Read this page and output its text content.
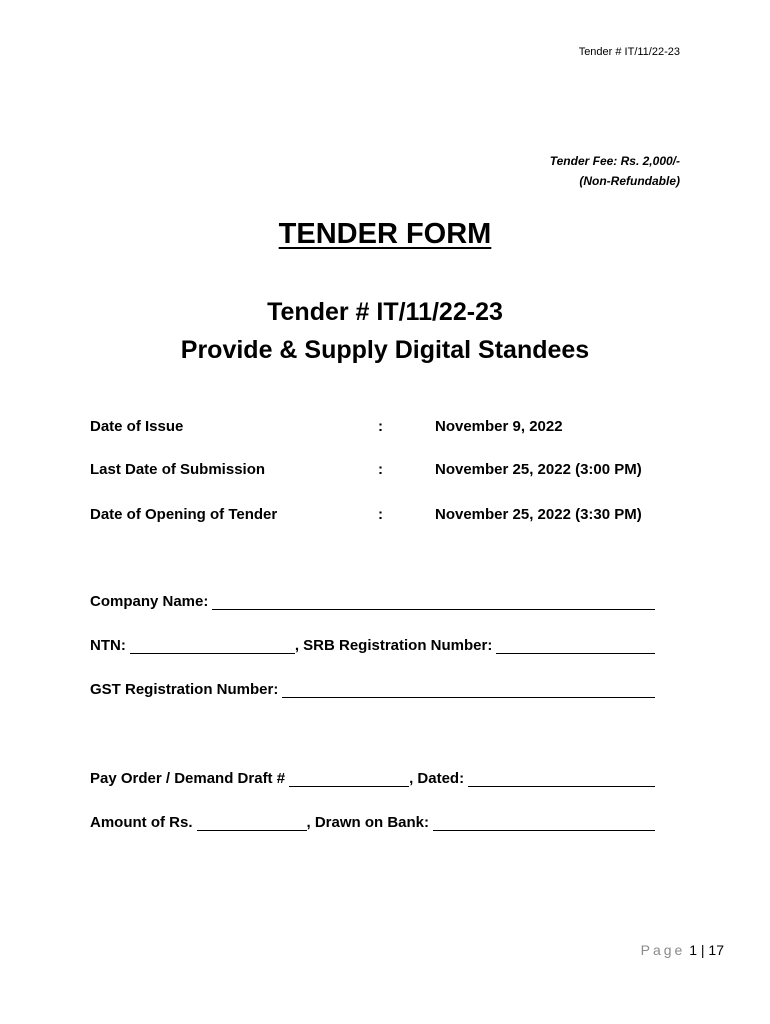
Tender # IT/11/22-23
Tender Fee: Rs. 2,000/-
(Non-Refundable)
TENDER FORM
Tender # IT/11/22-23
Provide & Supply Digital Standees
Date of Issue	:	November 9, 2022
Last Date of Submission	:	November 25, 2022 (3:00 PM)
Date of Opening of Tender	:	November 25, 2022 (3:30 PM)
Company Name:
NTN:	, SRB Registration Number:
GST Registration Number:
Pay Order / Demand Draft #	, Dated:
Amount of Rs.	, Drawn on Bank:
Page 1 | 17
